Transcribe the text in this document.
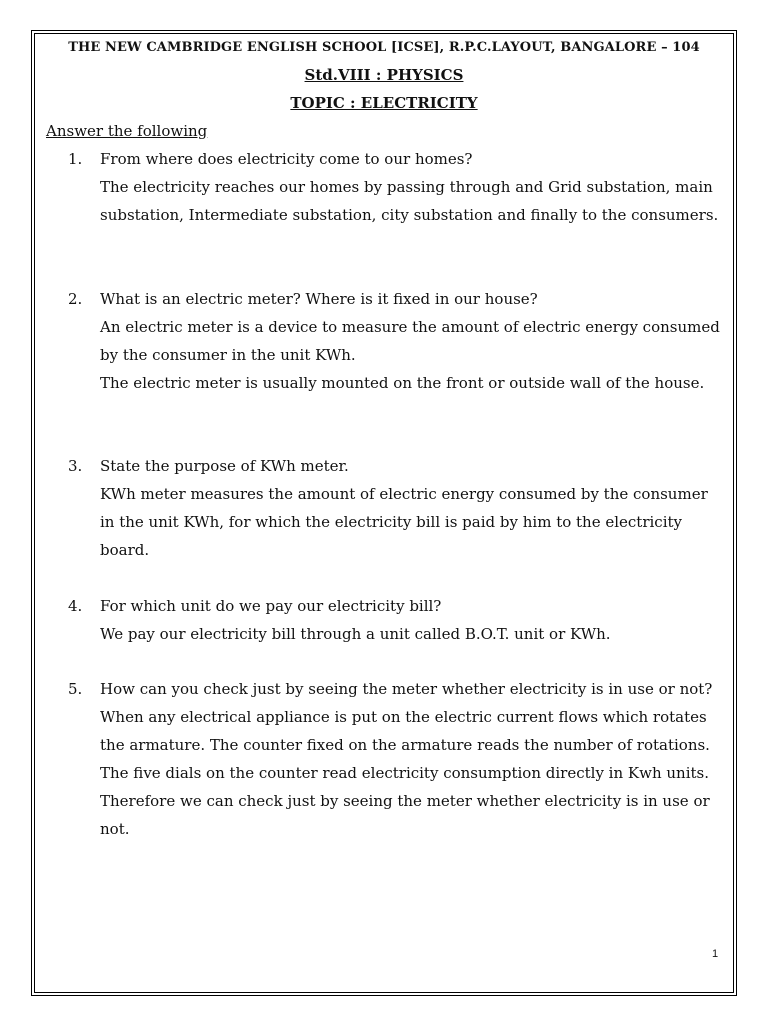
THE NEW CAMBRIDGE ENGLISH SCHOOL [ICSE], R.P.C.LAYOUT, BANGALORE – 104
Std.VIII : PHYSICS
TOPIC : ELECTRICITY
Answer the following
1. From where does electricity come to our homes?

The electricity reaches our homes by passing through and Grid substation, main substation, Intermediate substation, city substation and finally to the consumers.

2. What is an electric meter? Where is it fixed in our house?

An electric meter is a device to measure the amount of electric energy consumed by the consumer in the unit KWh.

The electric meter is usually mounted on the front or outside wall of the house.

3. State the purpose of KWh meter.

KWh meter measures the amount of electric energy consumed by the consumer in the unit KWh, for which the electricity bill is paid by him to the electricity board.

4. For which unit do we pay our electricity bill?

We pay our electricity bill through a unit called B.O.T. unit or KWh.

5. How can you check just by seeing the meter whether electricity is in use or not?

When any electrical appliance is put on the electric current flows which rotates the armature. The counter fixed on the armature reads the number of rotations. The five dials on the counter read electricity consumption directly in Kwh units. Therefore we can check just by seeing the meter whether electricity is in use or not.

1
